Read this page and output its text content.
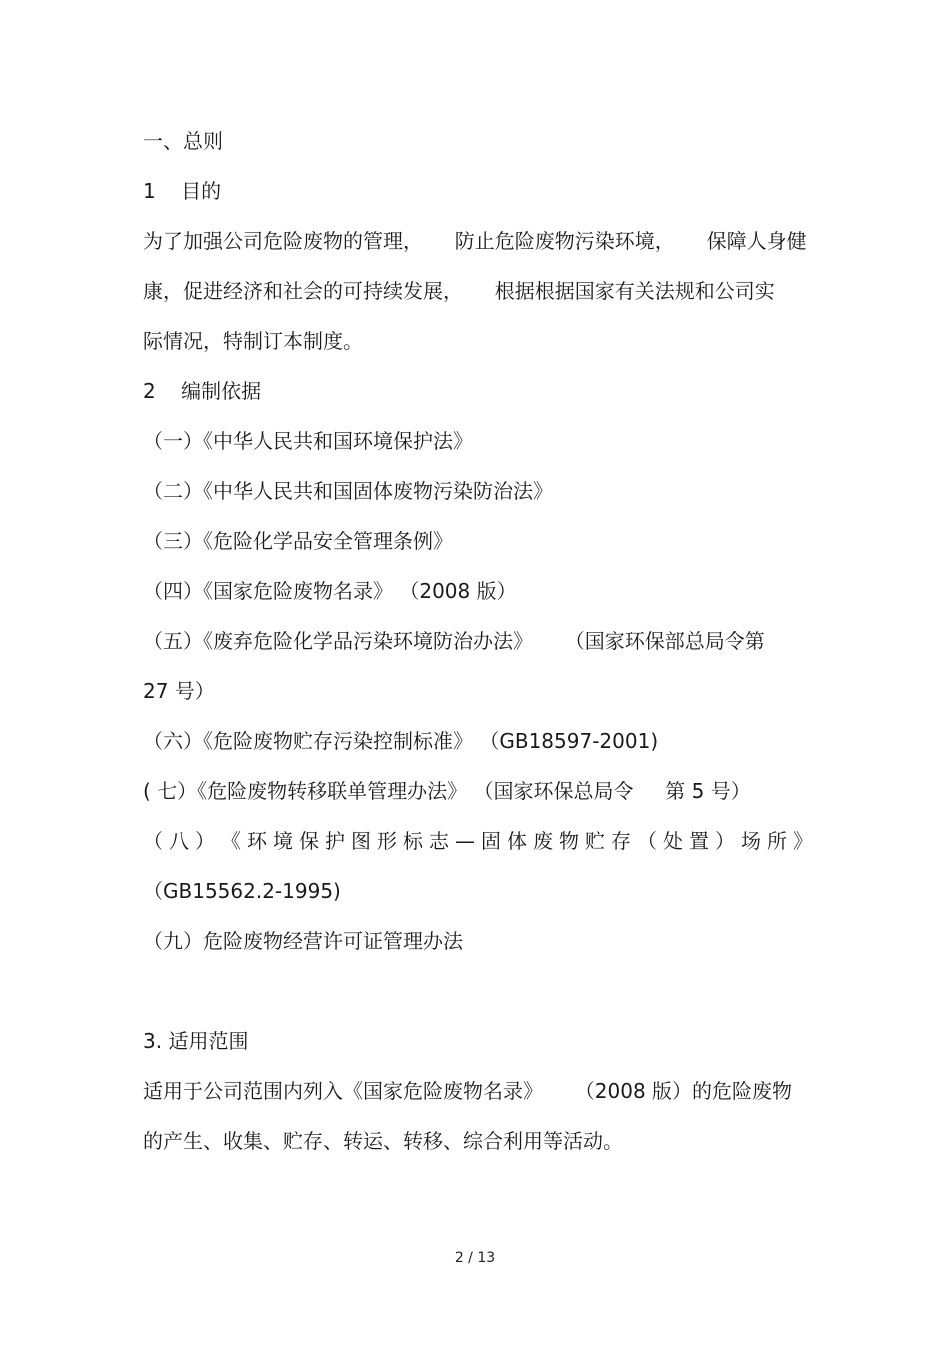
一、总则
1    目的
为了加强公司危险废物的管理，     防止危险废物污染环境，     保障人身健
康，促进经济和社会的可持续发展，     根据根据国家有关法规和公司实
际情况，特制订本制度。
2    编制依据
（一）《中华人民共和国环境保护法》
（二）《中华人民共和国固体废物污染防治法》
（三）《危险化学品安全管理条例》
（四）《国家危险废物名录》 （2008 版）
（五）《废弃危险化学品污染环境防治办法》     （国家环保部总局令第
27 号）
（六）《危险废物贮存污染控制标准》 （GB18597-2001)
( 七）《危险废物转移联单管理办法》 （国家环保总局令     第 5 号）
（ 八 ） 《 环 境 保 护 图 形 标 志 — 固 体 废 物 贮 存 （ 处 置 ） 场 所 》
（GB15562.2-1995)
（九）危险废物经营许可证管理办法
3. 适用范围
适用于公司范围内列入《国家危险废物名录》     （2008 版）的危险废物
的产生、收集、贮存、转运、转移、综合利用等活动。
2 / 13
